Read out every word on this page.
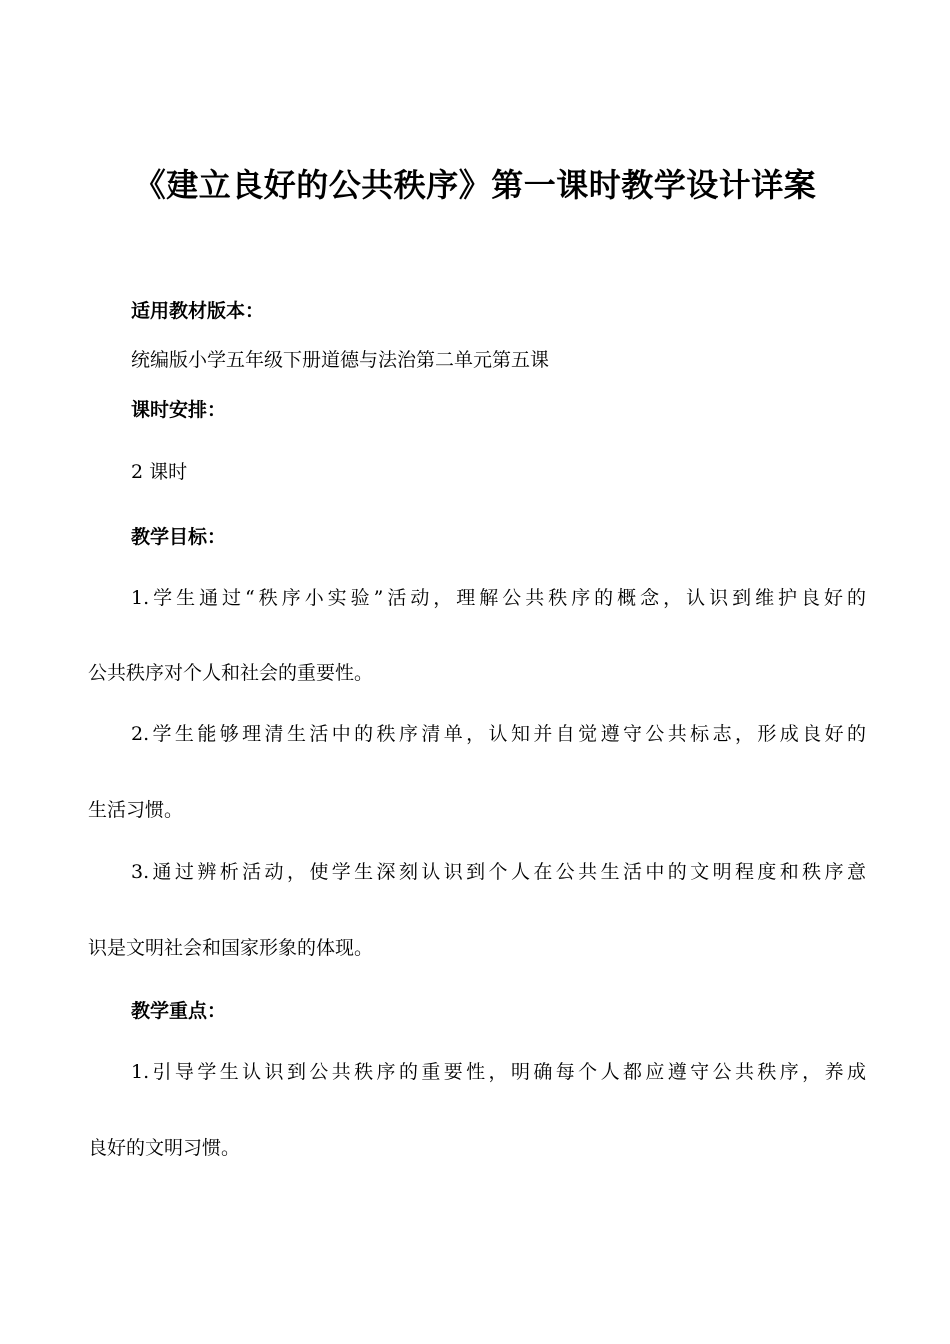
《建立良好的公共秩序》第一课时教学设计详案
适用教材版本：
统编版小学五年级下册道德与法治第二单元第五课
课时安排：
2 课时
教学目标：
1.学生通过“秩序小实验”活动，理解公共秩序的概念，认识到维护良好的
公共秩序对个人和社会的重要性。
2.学生能够理清生活中的秩序清单，认知并自觉遵守公共标志，形成良好的
生活习惯。
3.通过辨析活动，使学生深刻认识到个人在公共生活中的文明程度和秩序意
识是文明社会和国家形象的体现。
教学重点：
1.引导学生认识到公共秩序的重要性，明确每个人都应遵守公共秩序，养成
良好的文明习惯。
